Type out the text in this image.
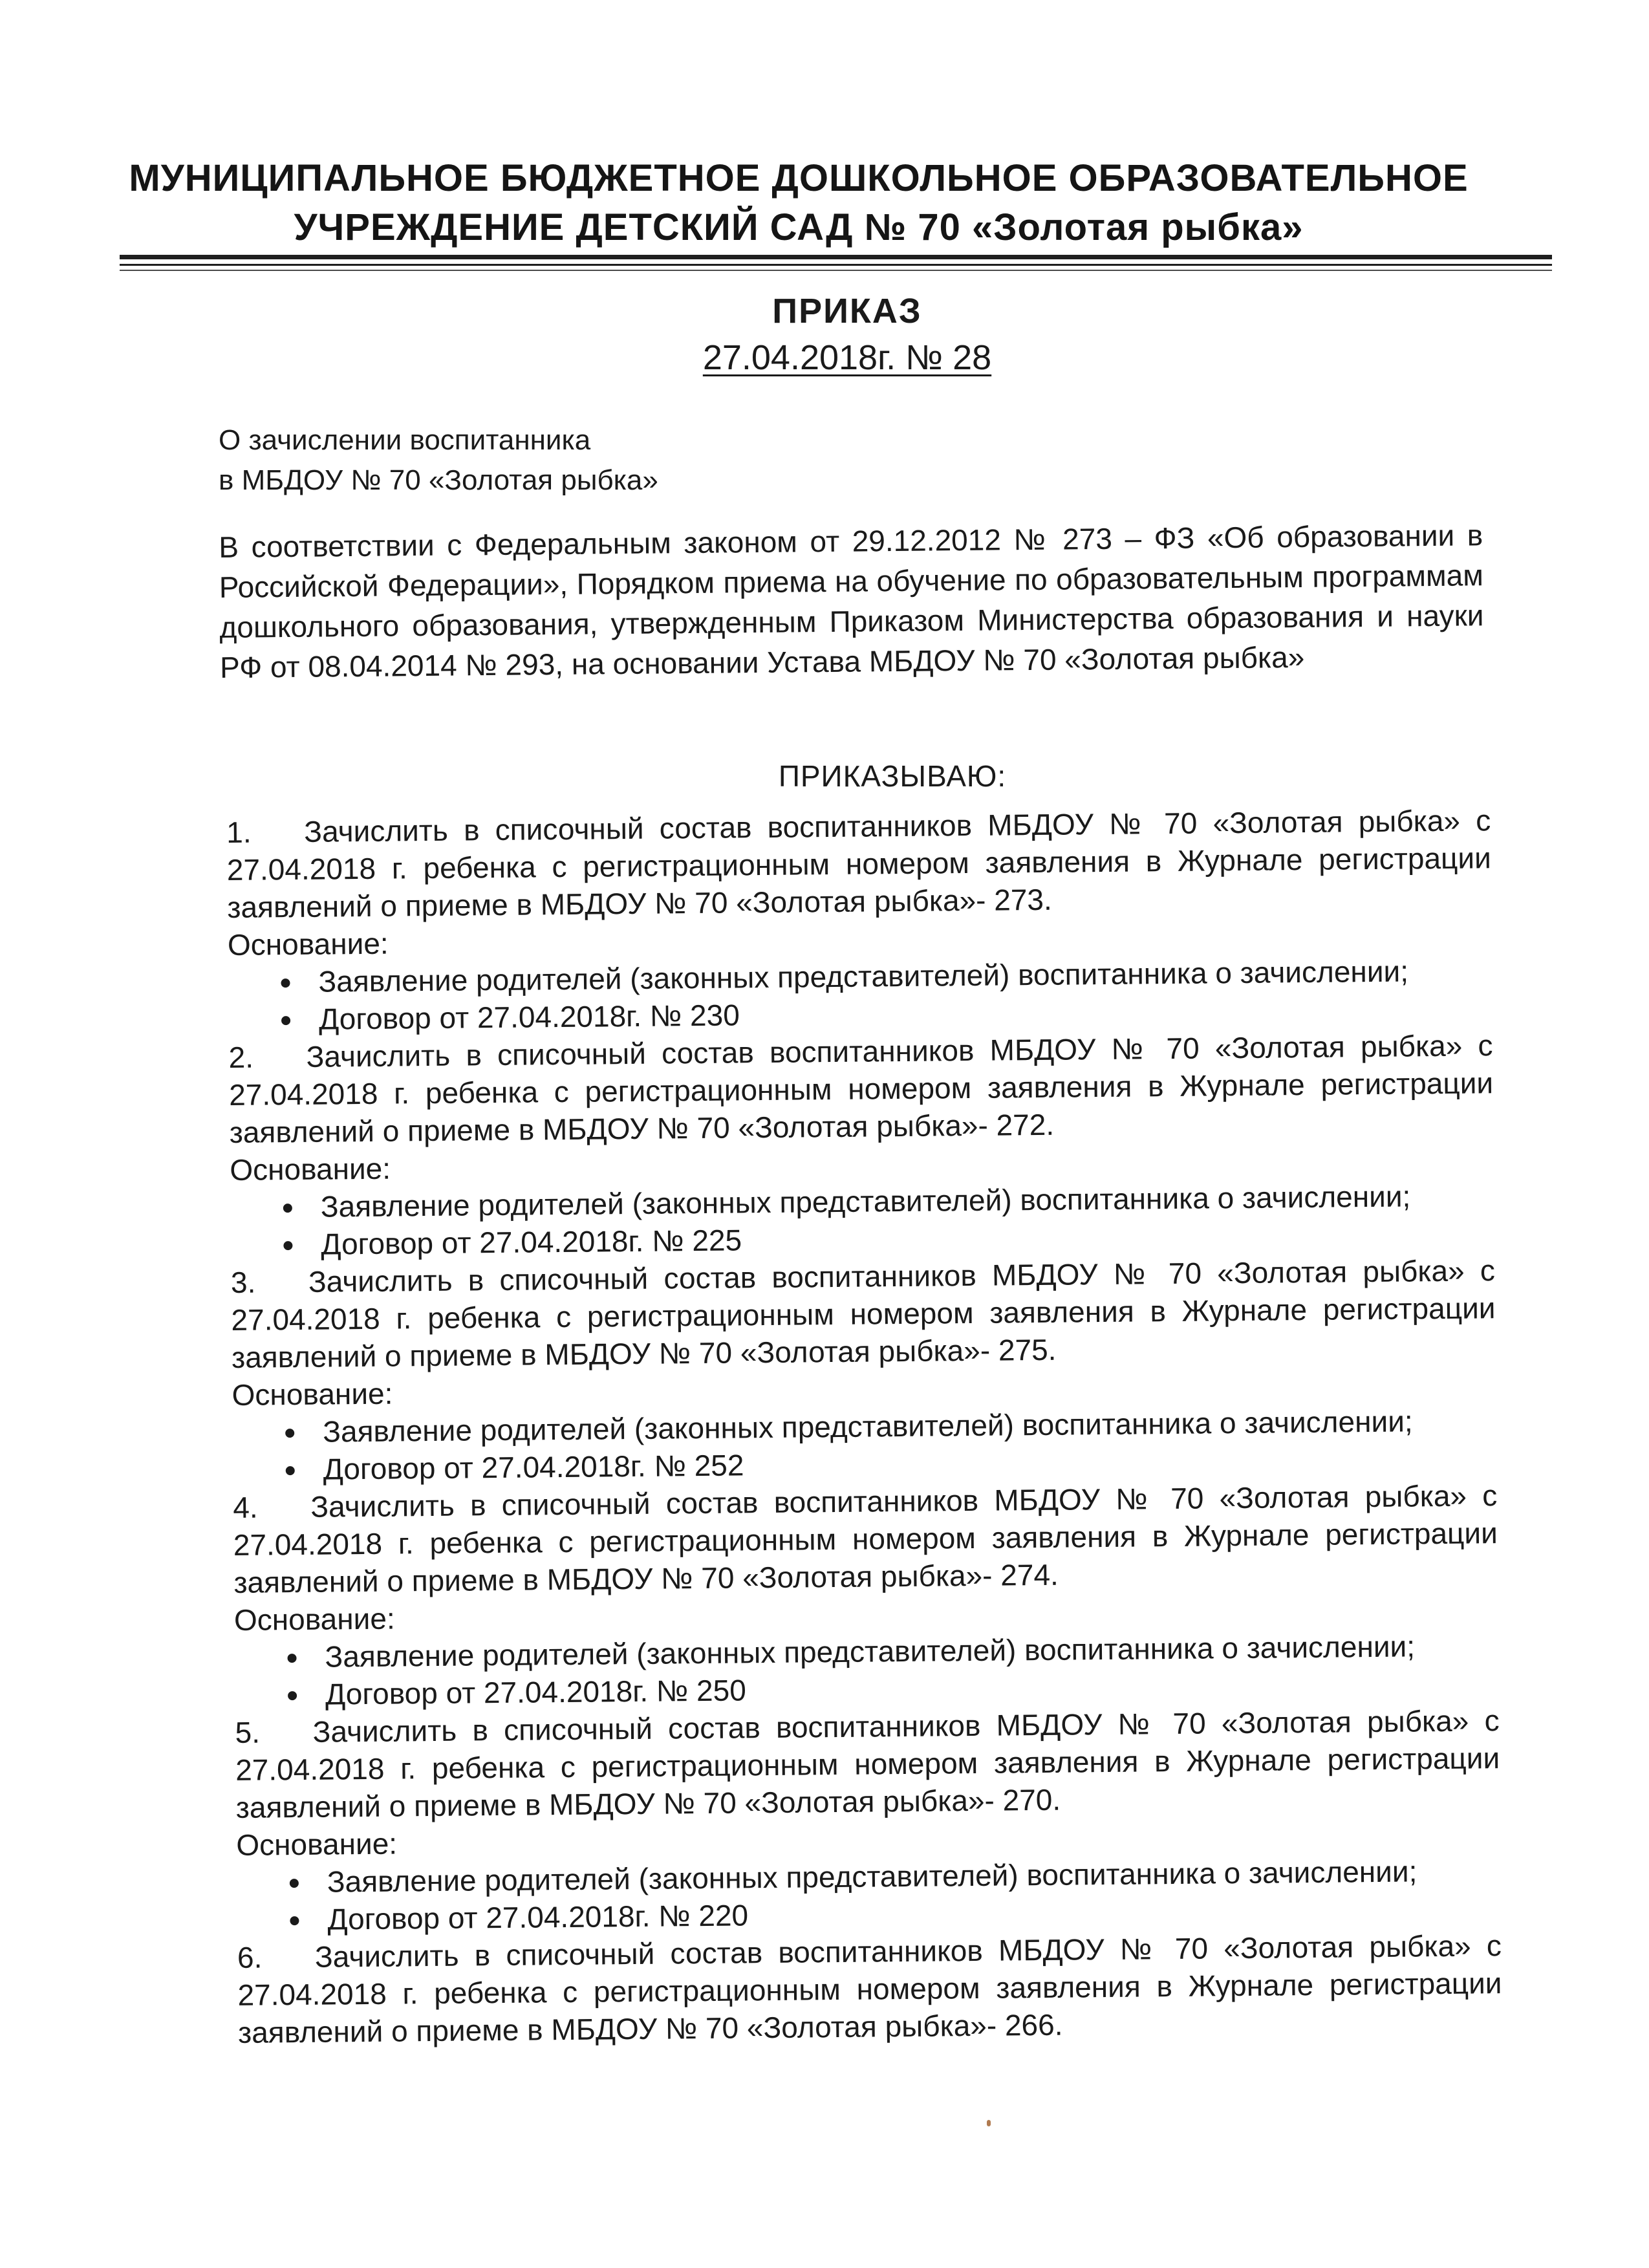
МУНИЦИПАЛЬНОЕ БЮДЖЕТНОЕ ДОШКОЛЬНОЕ ОБРАЗОВАТЕЛЬНОЕ
УЧРЕЖДЕНИЕ ДЕТСКИЙ САД № 70 «Золотая рыбка»
ПРИКАЗ
27.04.2018г. № 28
О зачислении воспитанника
в МБДОУ № 70 «Золотая рыбка»
В соответствии с Федеральным законом от 29.12.2012 № 273 – ФЗ «Об образовании в Российской Федерации», Порядком приема на обучение по образовательным программам дошкольного образования, утвержденным Приказом Министерства образования и науки РФ от 08.04.2014 № 293, на основании Устава МБДОУ № 70 «Золотая рыбка»
ПРИКАЗЫВАЮ:
1. Зачислить в списочный состав воспитанников МБДОУ № 70 «Золотая рыбка» с 27.04.2018 г. ребенка с регистрационным номером заявления в Журнале регистрации заявлений о приеме в МБДОУ № 70 «Золотая рыбка»- 273.
Основание:
Заявление родителей (законных представителей) воспитанника о зачислении;
Договор от 27.04.2018г. № 230
2. Зачислить в списочный состав воспитанников МБДОУ № 70 «Золотая рыбка» с 27.04.2018 г. ребенка с регистрационным номером заявления в Журнале регистрации заявлений о приеме в МБДОУ № 70 «Золотая рыбка»- 272.
Основание:
Заявление родителей (законных представителей) воспитанника о зачислении;
Договор от 27.04.2018г. № 225
3. Зачислить в списочный состав воспитанников МБДОУ № 70 «Золотая рыбка» с 27.04.2018 г. ребенка с регистрационным номером заявления в Журнале регистрации заявлений о приеме в МБДОУ № 70 «Золотая рыбка»- 275.
Основание:
Заявление родителей (законных представителей) воспитанника о зачислении;
Договор от 27.04.2018г. № 252
4. Зачислить в списочный состав воспитанников МБДОУ № 70 «Золотая рыбка» с 27.04.2018 г. ребенка с регистрационным номером заявления в Журнале регистрации заявлений о приеме в МБДОУ № 70 «Золотая рыбка»- 274.
Основание:
Заявление родителей (законных представителей) воспитанника о зачислении;
Договор от 27.04.2018г. № 250
5. Зачислить в списочный состав воспитанников МБДОУ № 70 «Золотая рыбка» с 27.04.2018 г. ребенка с регистрационным номером заявления в Журнале регистрации заявлений о приеме в МБДОУ № 70 «Золотая рыбка»- 270.
Основание:
Заявление родителей (законных представителей) воспитанника о зачислении;
Договор от 27.04.2018г. № 220
6. Зачислить в списочный состав воспитанников МБДОУ № 70 «Золотая рыбка» с 27.04.2018 г. ребенка с регистрационным номером заявления в Журнале регистрации заявлений о приеме в МБДОУ № 70 «Золотая рыбка»- 266.
